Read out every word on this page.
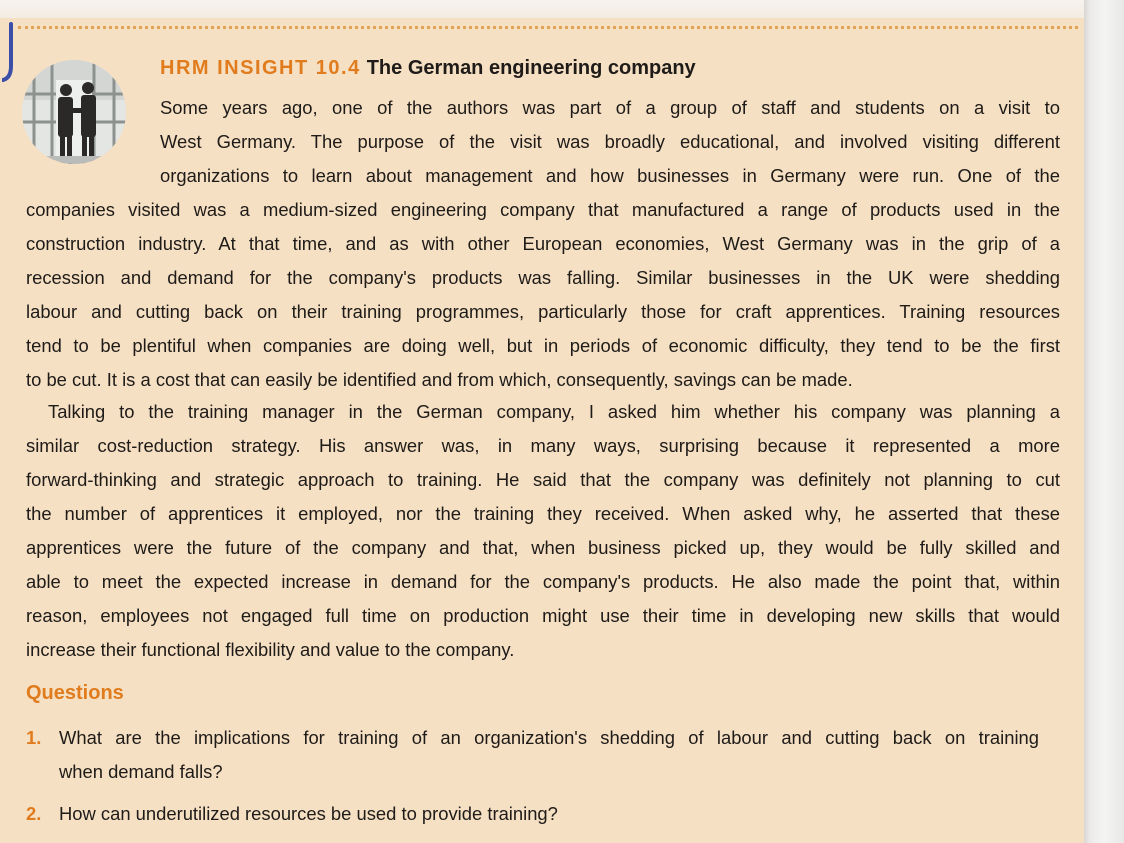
HRM INSIGHT 10.4 The German engineering company
Some years ago, one of the authors was part of a group of staff and students on a visit to
West Germany. The purpose of the visit was broadly educational, and involved visiting different
organizations to learn about management and how businesses in Germany were run. One of the
companies visited was a medium-sized engineering company that manufactured a range of products used in the
construction industry. At that time, and as with other European economies, West Germany was in the grip of a
recession and demand for the company's products was falling. Similar businesses in the UK were shedding
labour and cutting back on their training programmes, particularly those for craft apprentices. Training resources
tend to be plentiful when companies are doing well, but in periods of economic difficulty, they tend to be the first
to be cut. It is a cost that can easily be identified and from which, consequently, savings can be made.
Talking to the training manager in the German company, I asked him whether his company was planning a
similar cost-reduction strategy. His answer was, in many ways, surprising because it represented a more
forward-thinking and strategic approach to training. He said that the company was definitely not planning to cut
the number of apprentices it employed, nor the training they received. When asked why, he asserted that these
apprentices were the future of the company and that, when business picked up, they would be fully skilled and
able to meet the expected increase in demand for the company's products. He also made the point that, within
reason, employees not engaged full time on production might use their time in developing new skills that would
increase their functional flexibility and value to the company.
Questions
1. What are the implications for training of an organization's shedding of labour and cutting back on training
when demand falls?
2. How can underutilized resources be used to provide training?
